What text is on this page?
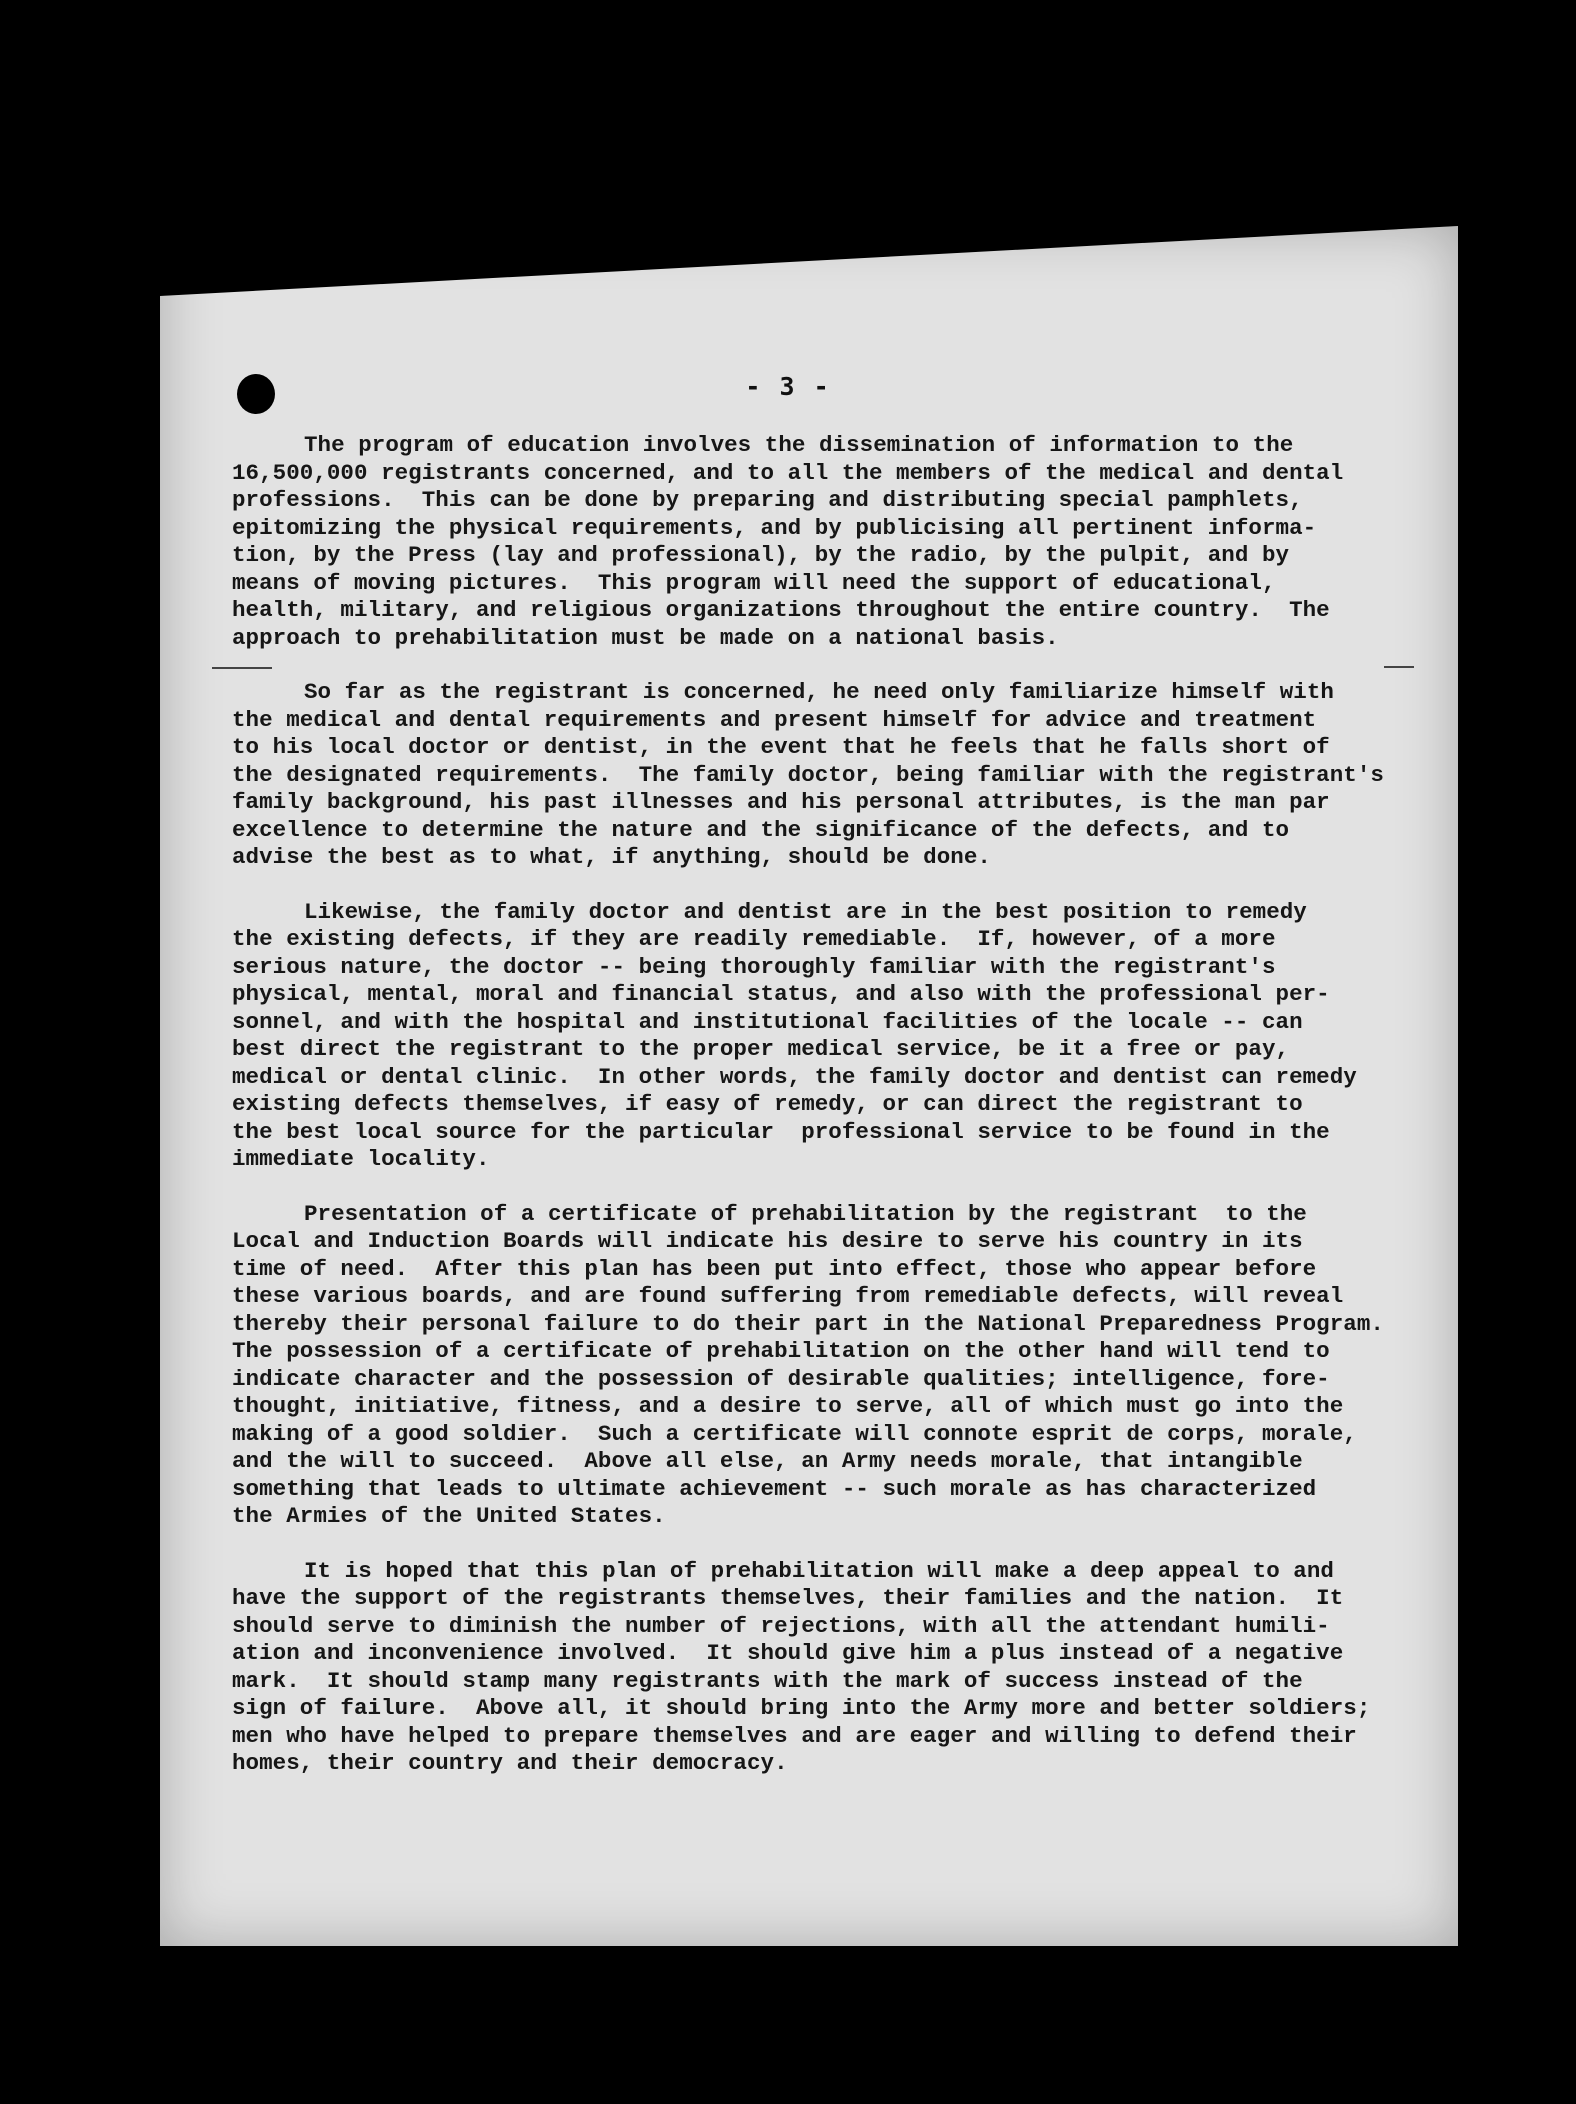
- 3 -
The program of education involves the dissemination of information to the
16,500,000 registrants concerned, and to all the members of the medical and dental
professions.  This can be done by preparing and distributing special pamphlets,
epitomizing the physical requirements, and by publicising all pertinent informa-
tion, by the Press (lay and professional), by the radio, by the pulpit, and by
means of moving pictures.  This program will need the support of educational,
health, military, and religious organizations throughout the entire country.  The
approach to prehabilitation must be made on a national basis.
So far as the registrant is concerned, he need only familiarize himself with
the medical and dental requirements and present himself for advice and treatment
to his local doctor or dentist, in the event that he feels that he falls short of
the designated requirements.  The family doctor, being familiar with the registrant's
family background, his past illnesses and his personal attributes, is the man par
excellence to determine the nature and the significance of the defects, and to
advise the best as to what, if anything, should be done.
Likewise, the family doctor and dentist are in the best position to remedy
the existing defects, if they are readily remediable.  If, however, of a more
serious nature, the doctor -- being thoroughly familiar with the registrant's
physical, mental, moral and financial status, and also with the professional per-
sonnel, and with the hospital and institutional facilities of the locale -- can
best direct the registrant to the proper medical service, be it a free or pay,
medical or dental clinic.  In other words, the family doctor and dentist can remedy
existing defects themselves, if easy of remedy, or can direct the registrant to
the best local source for the particular  professional service to be found in the
immediate locality.
Presentation of a certificate of prehabilitation by the registrant  to the
Local and Induction Boards will indicate his desire to serve his country in its
time of need.  After this plan has been put into effect, those who appear before
these various boards, and are found suffering from remediable defects, will reveal
thereby their personal failure to do their part in the National Preparedness Program.
The possession of a certificate of prehabilitation on the other hand will tend to
indicate character and the possession of desirable qualities; intelligence, fore-
thought, initiative, fitness, and a desire to serve, all of which must go into the
making of a good soldier.  Such a certificate will connote esprit de corps, morale,
and the will to succeed.  Above all else, an Army needs morale, that intangible
something that leads to ultimate achievement -- such morale as has characterized
the Armies of the United States.
It is hoped that this plan of prehabilitation will make a deep appeal to and
have the support of the registrants themselves, their families and the nation.  It
should serve to diminish the number of rejections, with all the attendant humili-
ation and inconvenience involved.  It should give him a plus instead of a negative
mark.  It should stamp many registrants with the mark of success instead of the
sign of failure.  Above all, it should bring into the Army more and better soldiers;
men who have helped to prepare themselves and are eager and willing to defend their
homes, their country and their democracy.
